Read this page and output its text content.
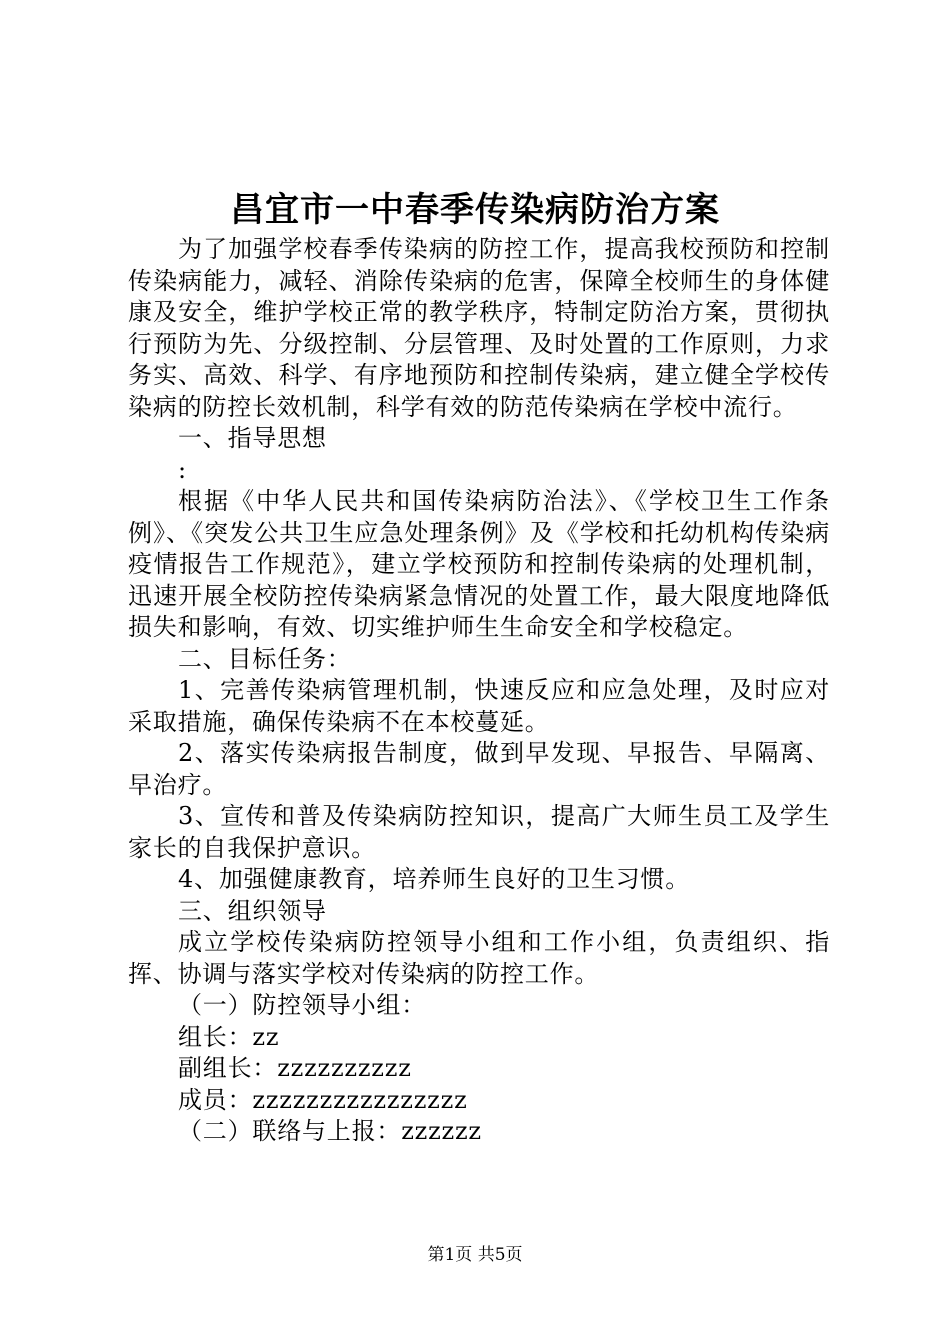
昌宜市一中春季传染病防治方案

为了加强学校春季传染病的防控工作，提高我校预防和控制传染病能力，减轻、消除传染病的危害，保障全校师生的身体健康及安全，维护学校正常的教学秩序，特制定防治方案，贯彻执行预防为先、分级控制、分层管理、及时处置的工作原则，力求务实、高效、科学、有序地预防和控制传染病，建立健全学校传染病的防控长效机制，科学有效的防范传染病在学校中流行。

一、指导思想

:

根据《中华人民共和国传染病防治法》、《学校卫生工作条例》、《突发公共卫生应急处理条例》及《学校和托幼机构传染病疫情报告工作规范》，建立学校预防和控制传染病的处理机制，迅速开展全校防控传染病紧急情况的处置工作，最大限度地降低损失和影响，有效、切实维护师生生命安全和学校稳定。

二、目标任务：

1、完善传染病管理机制，快速反应和应急处理，及时应对采取措施，确保传染病不在本校蔓延。

2、落实传染病报告制度，做到早发现、早报告、早隔离、早治疗。

3、宣传和普及传染病防控知识，提高广大师生员工及学生家长的自我保护意识。

4、加强健康教育，培养师生良好的卫生习惯。

三、组织领导

成立学校传染病防控领导小组和工作小组，负责组织、指挥、协调与落实学校对传染病的防控工作。

（一）防控领导小组：

组长：zz

副组长：zzzzzzzzzz

成员：zzzzzzzzzzzzzzzz

（二）联络与上报：zzzzzz

第1页 共5页
